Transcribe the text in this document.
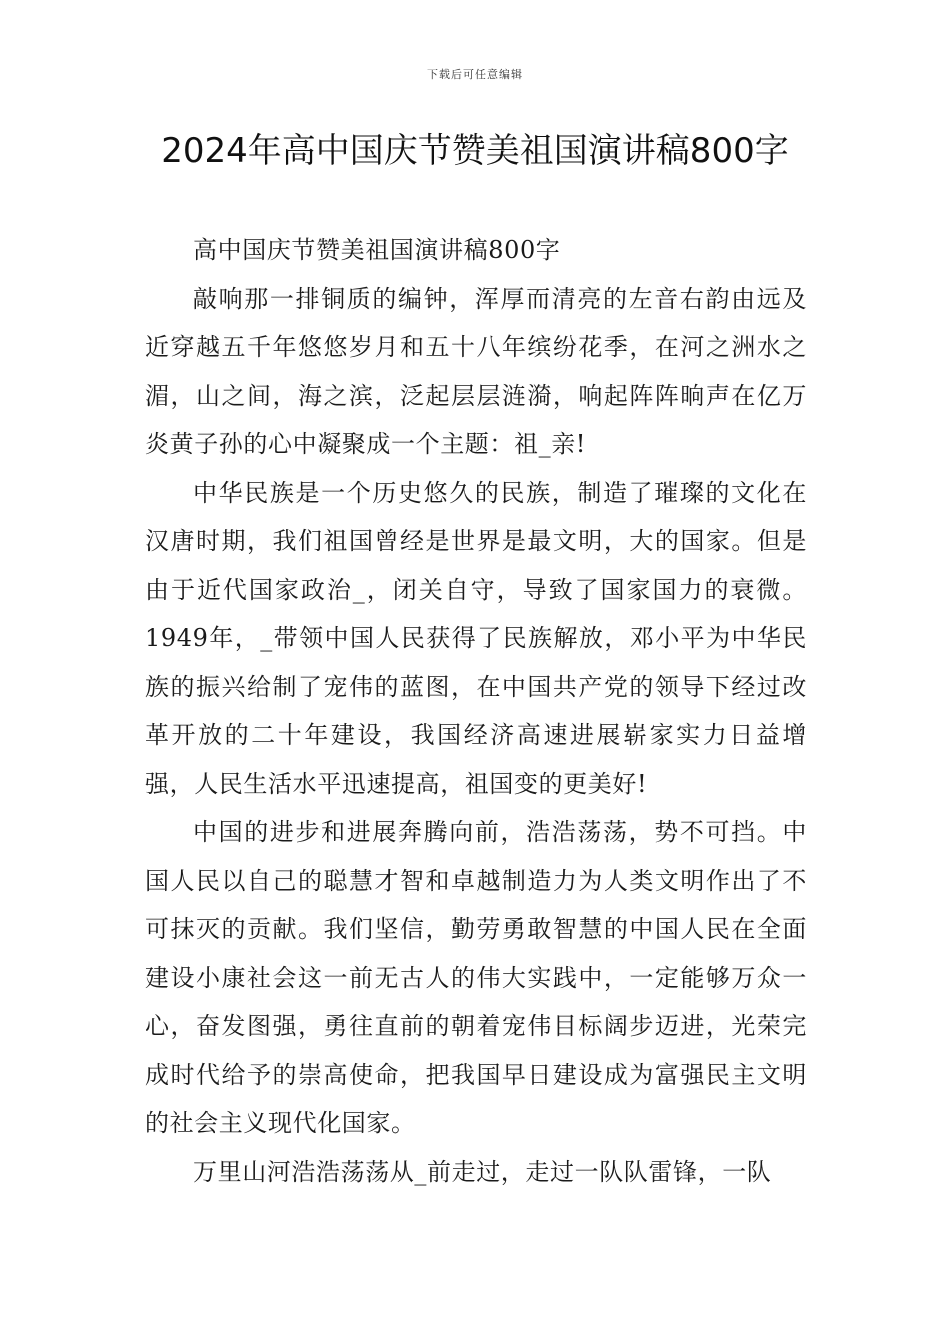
下载后可任意编辑
2024年高中国庆节赞美祖国演讲稿800字

高中国庆节赞美祖国演讲稿800字

敲响那一排铜质的编钟，浑厚而清亮的左音右韵由远及近穿越五千年悠悠岁月和五十八年缤纷花季，在河之洲水之湄，山之间，海之滨，泛起层层涟漪，响起阵阵晌声在亿万炎黄子孙的心中凝聚成一个主题：祖_亲!

中华民族是一个历史悠久的民族，制造了璀璨的文化在汉唐时期，我们祖国曾经是世界是最文明，大的国家。但是由于近代国家政治_，闭关自守，导致了国家国力的衰微。1949年，_带领中国人民获得了民族解放，邓小平为中华民族的振兴给制了宠伟的蓝图，在中国共产党的领导下经过改革开放的二十年建设，我国经济高速进展崭家实力日益增强，人民生活水平迅速提高，祖国变的更美好!

中国的进步和进展奔腾向前，浩浩荡荡，势不可挡。中国人民以自己的聪慧才智和卓越制造力为人类文明作出了不可抹灭的贡献。我们坚信，勤劳勇敢智慧的中国人民在全面建设小康社会这一前无古人的伟大实践中，一定能够万众一心，奋发图强，勇往直前的朝着宠伟目标阔步迈进，光荣完成时代给予的崇高使命，把我国早日建设成为富强民主文明的社会主义现代化国家。

万里山河浩浩荡荡从_前走过，走过一队队雷锋，一队
